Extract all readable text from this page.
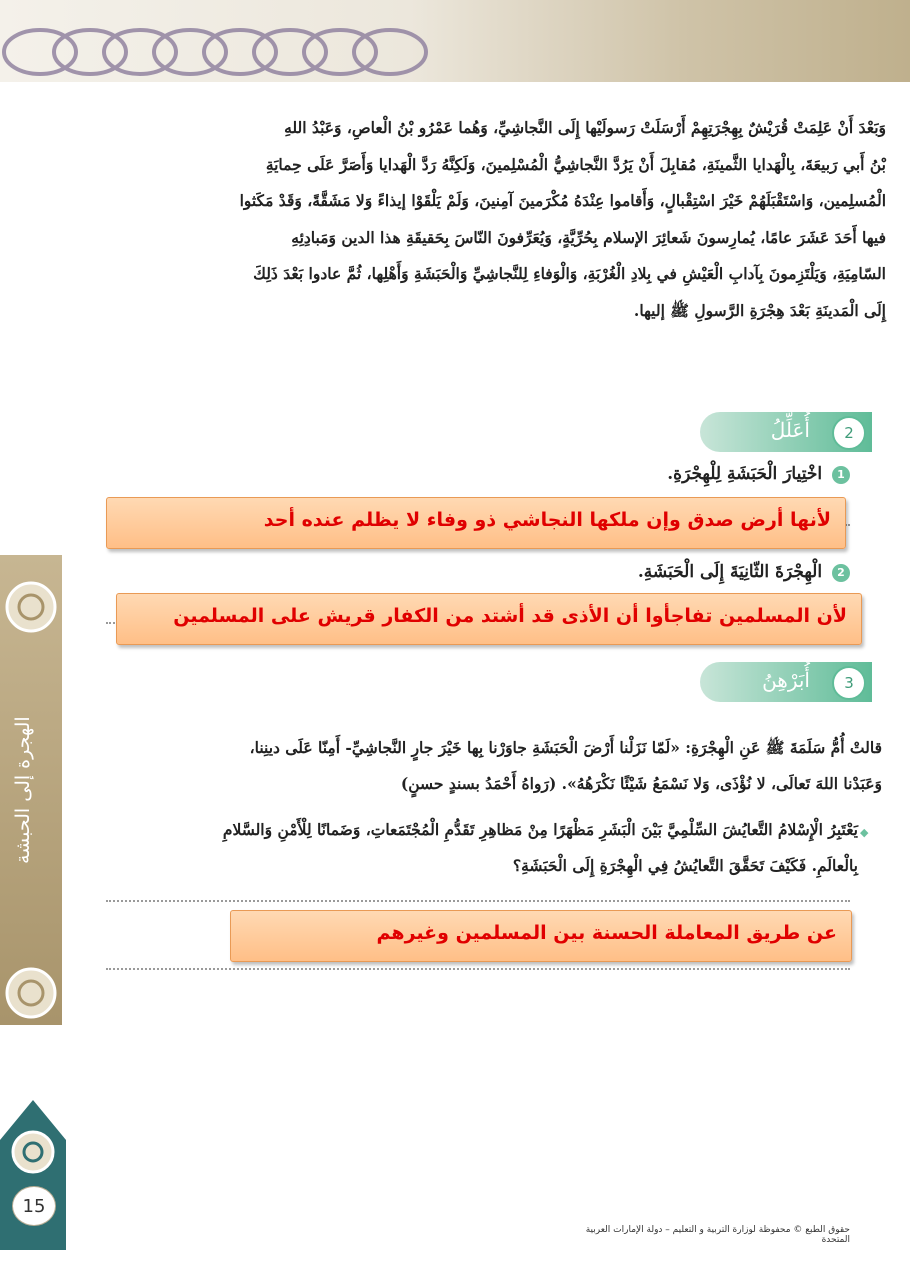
الهجرة إلى الحبشة
15
وَبَعْدَ أَنْ عَلِمَتْ قُرَيْشٌ بِهِجْرَتِهِمْ أَرْسَلَتْ رَسولَيْها إِلَى النَّجاشِيِّ، وَهُما عَمْرُو بْنُ الْعاصِ، وَعَبْدُ اللهِ
بْنُ أَبي رَبيعَةَ، بِالْهَدايا الثَّمينَةِ، مُقابِلَ أَنْ يَرُدَّ النَّجاشِيُّ الْمُسْلِمينَ، وَلَكِنَّهُ رَدَّ الْهَدايا وَأَصَرَّ عَلَى حِمايَةِ
الْمُسلِمين، وَاسْتَقْبَلَهُمْ خَيْرَ اسْتِقْبالٍ، وَأَقاموا عِنْدَهُ مُكْرَمينَ آمِنينَ، وَلَمْ يَلْقَوْا إيذاءً وَلا مَشَقَّةً، وَقَدْ مَكَثوا
فيها أَحَدَ عَشَرَ عامًا، يُمارِسونَ شَعائِرَ الإسلام بِحُرِّيَّةٍ، وَيُعَرِّفونَ النّاسَ بِحَقيقَةِ هذا الدين وَمَبادِئِهِ
السّامِيَةِ، وَيَلْتَزِمونَ بِآدابِ الْعَيْشِ في بِلادِ الْغُرْبَةِ، وَالْوَفاءِ لِلنَّجاشِيِّ وَالْحَبَشَةِ وَأَهْلِها، ثُمَّ عادوا بَعْدَ ذَلِكَ
إِلَى الْمَدينَةِ بَعْدَ هِجْرَةِ الرَّسولِ ﷺ إليها.
أُعَلِّلُ	2
1 اخْتِيارَ الْحَبَشَةِ لِلْهِجْرَةِ.
لأنها أرض صدق وإن ملكها النجاشي ذو وفاء لا يظلم عنده أحد
2 الْهِجْرَةَ الثّانِيَةَ إِلَى الْحَبَشَةِ.
لأن المسلمين تفاجأوا أن الأذى قد أشتد من الكفار قريش على المسلمين
أُبَرْهِنُ	3
قالتْ أُمُّ سَلَمَةَ ﷺ عَنِ الْهِجْرَةِ: «لَمّا نَزَلْنا أَرْضَ الْحَبَشَةِ جاوَرْنا بِها خَيْرَ جارٍ النَّجاشِيِّ- أَمِنّا عَلَى دينِنا،
وَعَبَدْنا اللهَ تَعالَى، لا نُؤْذَى، وَلا نَسْمَعُ شَيْئًا نَكْرَهُهُ». (رَواهُ أَحْمَدُ بسندٍ حسنٍ)
◆
يَعْتَبِرُ الْإِسْلامُ التَّعايُشَ السِّلْمِيَّ بَيْنَ الْبَشَرِ مَظْهَرًا مِنْ مَظاهِرِ تَقَدُّمِ الْمُجْتَمَعاتِ، وَضَمانًا لِلْأَمْنِ وَالسَّلامِ
بِالْعالَمِ. فَكَيْفَ تَحَقَّقَ التَّعايُشُ فِي الْهِجْرَةِ إِلَى الْحَبَشَةِ؟
عن طريق المعاملة الحسنة بين المسلمين وغيرهم
حقوق الطبع © محفوظة لوزارة التربية و التعليم – دولة الإمارات العربية المتحدة
